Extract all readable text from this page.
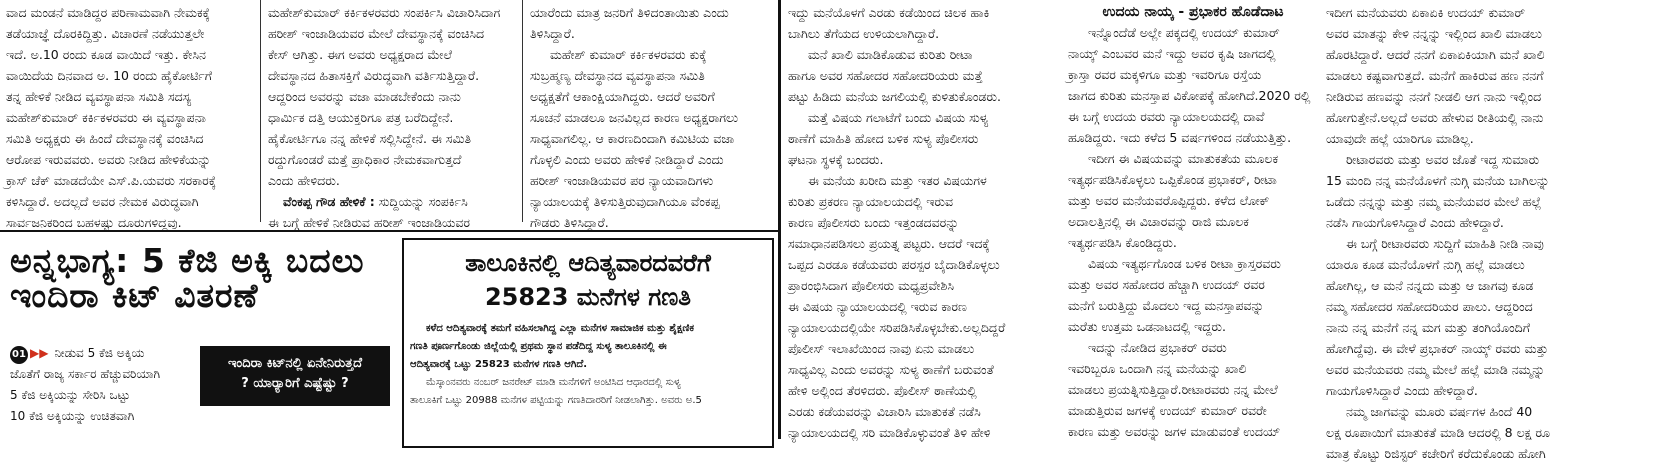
ವಾದ ಮಂಡನೆ ಮಾಡಿದ್ದರ ಪರಿಣಾಮವಾಗಿ ನೇಮಕಕ್ಕೆ

ತಡೆಯಾಜ್ಞೆ ದೊರಕಿದ್ದಿತ್ತು. ವಿಚಾರಣೆ ನಡೆಯುತ್ತಲೇ

ಇದೆ. ಅ.10 ರಂದು ಕೂಡ ವಾಯಿದೆ ಇತ್ತು. ಕೇಸಿನ

ವಾಯಿದೆಯ ದಿನವಾದ ಅ. 10 ರಂದು ಹೈಕೋರ್ಟಿಗೆ

ತನ್ನ ಹೇಳಿಕೆ ನೀಡಿದ ವ್ಯವಸ್ಥಾಪನಾ ಸಮಿತಿ ಸದಸ್ಯ

ಮಹೇಶ್‌ಕುಮಾರ್ ಕರ್ಕಿಕಳರವರು ಈ ವ್ಯವಸ್ಥಾಪನಾ

ಸಮಿತಿ ಅಧ್ಯಕ್ಷರು ಈ ಹಿಂದೆ ದೇವಸ್ಥಾನಕ್ಕೆ ವಂಚಿಸಿದ

ಆರೋಪ ಇರುವವರು. ಅವರು ನೀಡಿದ ಹೇಳಿಕೆಯನ್ನು

ಕ್ರಾಸ್ ಚೆಕ್ ಮಾಡದೆಯೇ ಎಸ್.ಪಿ.ಯವರು ಸರಕಾರಕ್ಕೆ

ಕಳಿಸಿದ್ದಾರೆ. ಅದಲ್ಲದೆ ಅವರ ನೇಮಕ ವಿರುದ್ಧವಾಗಿ

ಸಾರ್ವಜನಿಕರಿಂದ ಬಹಳಷ್ಟು ದೂರುಗಳಿದ್ದವು.

ಮಹೇಶ್‌ಕುಮಾರ್ ಕರ್ಕಿಕಳರವರು ಸಂಪರ್ಕಿಸಿ ವಿಚಾರಿಸಿದಾಗ

ಹರೀಶ್ ಇಂಜಾಡಿಯವರ ಮೇಲೆ ದೇವಸ್ಥಾನಕ್ಕೆ ವಂಚಿಸಿದ

ಕೇಸ್ ಆಗಿತ್ತು. ಈಗ ಅವರು ಅಧ್ಯಕ್ಷರಾದ ಮೇಲೆ

ದೇವಸ್ಥಾನದ ಹಿತಾಸಕ್ತಿಗೆ ವಿರುದ್ಧವಾಗಿ ವರ್ತಿಸುತ್ತಿದ್ದಾರೆ.

ಆದ್ದರಿಂದ ಅವರನ್ನು ವಜಾ ಮಾಡಬೇಕೆಂದು ನಾನು

ಧಾರ್ಮಿಕ ದತ್ತಿ ಆಯುಕ್ತರಿಗೂ ಪತ್ರ ಬರೆದಿದ್ದೇನೆ.

ಹೈಕೋರ್ಟಿಗೂ ನನ್ನ ಹೇಳಿಕೆ ಸಲ್ಲಿಸಿದ್ದೇನೆ. ಈ ಸಮಿತಿ

ರದ್ದುಗೊಂಡರೆ ಮತ್ತೆ ಪ್ರಾಧಿಕಾರ ನೇಮಕವಾಗುತ್ತದೆ

ಎಂದು ಹೇಳಿದರು.

ವೆಂಕಪ್ಪ ಗೌಡ ಹೇಳಿಕೆ : ಸುದ್ದಿಯನ್ನು ಸಂಪರ್ಕಿಸಿ

ಈ ಬಗ್ಗೆ ಹೇಳಿಕೆ ನೀಡಿರುವ ಹರೀಶ್ ಇಂಜಾಡಿಯವರ

ಯಾರೆಂದು ಮಾತ್ರ ಜನರಿಗೆ ತಿಳಿದಂತಾಯಿತು ಎಂದು

ತಿಳಿಸಿದ್ದಾರೆ.

ಮಹೇಶ್ ಕುಮಾರ್ ಕರ್ಕಿಕಳರವರು ಕುಕ್ಕೆ

ಸುಬ್ರಹ್ಮಣ್ಯ ದೇವಸ್ಥಾನದ ವ್ಯವಸ್ಥಾಪನಾ ಸಮಿತಿ

ಅಧ್ಯಕ್ಷತೆಗೆ ಆಕಾಂಕ್ಷಿಯಾಗಿದ್ದರು. ಆದರೆ ಅವರಿಗೆ

ಸೂಚನೆ ಮಾಡಲೂ ಜನವಿಲ್ಲದ ಕಾರಣ ಅಧ್ಯಕ್ಷರಾಗಲು

ಸಾಧ್ಯವಾಗಲಿಲ್ಲ. ಆ ಕಾರಣದಿಂದಾಗಿ ಕಮಿಟಿಯ ವಜಾ

ಗೊಳ್ಳಲಿ ಎಂದು ಅವರು ಹೇಳಿಕೆ ನೀಡಿದ್ದಾರೆ ಎಂದು

ಹರೀಶ್ ಇಂಜಾಡಿಯವರ ಪರ ನ್ಯಾಯವಾದಿಗಳು

ನ್ಯಾಯಾಲಯಕ್ಕೆ ತಿಳಿಸುತ್ತಿರುವುದಾಗಿಯೂ ವೆಂಕಪ್ಪ

ಗೌಡರು ತಿಳಿಸಿದ್ದಾರೆ.

ಇದ್ದು ಮನೆಯೊಳಗೆ ಎರಡು ಕಡೆಯಿಂದ ಚಿಲಕ ಹಾಕಿ

ಬಾಗಿಲು ತೆಗೆಯದ ಉಳಿಯಲಾಗಿದ್ದಾರೆ.

ಮನೆ ಖಾಲಿ ಮಾಡಿಕೊಡುವ ಕುರಿತು ರೀಟಾ

ಹಾಗೂ ಅವರ ಸಹೋದರ ಸಹೋದರಿಯರು ಮತ್ತೆ

ಪಟ್ಟು ಹಿಡಿದು ಮನೆಯ ಜಗಲಿಯಲ್ಲಿ ಕುಳಿತುಕೊಂಡರು.

ಮತ್ತೆ ವಿಷಯ ಗಲಾಟೆಗೆ ಬಂದು ವಿಷಯ ಸುಳ್ಯ

ಠಾಣೆಗೆ ಮಾಹಿತಿ ಹೋದ ಬಳಿಕ ಸುಳ್ಯ ಪೊಲೀಸರು

ಘಟನಾ ಸ್ಥಳಕ್ಕೆ ಬಂದರು.

ಈ ಮನೆಯ ಖರೀದಿ ಮತ್ತು ಇತರ ವಿಷಯಗಳ

ಕುರಿತು ಪ್ರಕರಣ ನ್ಯಾಯಾಲಯದಲ್ಲಿ ಇರುವ

ಕಾರಣ ಪೊಲೀಸರು ಬಂದು ಇತ್ತಂಡದವರನ್ನು

ಸಮಾಧಾನಪಡಿಸಲು ಪ್ರಯತ್ನ ಪಟ್ಟರು. ಆದರೆ ಇದಕ್ಕೆ

ಒಪ್ಪದ ಎರಡೂ ಕಡೆಯವರು ಪರಸ್ಪರ ಬೈದಾಡಿಕೊಳ್ಳಲು

ಪ್ರಾರಂಭಿಸಿದಾಗ ಪೊಲೀಸರು ಮಧ್ಯಪ್ರವೇಶಿಸಿ

ಈ ವಿಷಯ ನ್ಯಾಯಾಲಯದಲ್ಲಿ ಇರುವ ಕಾರಣ

ನ್ಯಾಯಾಲಯದಲ್ಲಿಯೇ ಸರಿಪಡಿಸಿಕೊಳ್ಳಬೇಕು.ಅಲ್ಲದಿದ್ದರೆ

ಪೊಲೀಸ್ ಇಲಾಖೆಯಿಂದ ನಾವು ಏನು ಮಾಡಲು

ಸಾಧ್ಯವಿಲ್ಲ ಎಂದು ಅವರನ್ನು ಸುಳ್ಯ ಠಾಣೆಗೆ ಬರುವಂತೆ

ಹೇಳಿ ಅಲ್ಲಿಂದ ತೆರಳಿದರು. ಪೊಲೀಸ್ ಠಾಣೆಯಲ್ಲಿ

ಎರಡು ಕಡೆಯವರನ್ನು ವಿಚಾರಿಸಿ ಮಾತುಕತೆ ನಡೆಸಿ

ನ್ಯಾಯಾಲಯದಲ್ಲಿ ಸರಿ ಮಾಡಿಕೊಳ್ಳುವಂತೆ ತಿಳಿ ಹೇಳಿ

ಉದಯ ನಾಯ್ಕ - ಪ್ರಭಾಕರ ಹೊಡೆದಾಟ

ಇನ್ನೊಂದೆಡೆ ಅಲ್ಲೇ ಪಕ್ಕದಲ್ಲಿ ಉದಯ್ ಕುಮಾರ್

ನಾಯ್ಕ್ ಎಂಬವರ ಮನೆ ಇದ್ದು ಅವರ ಕೃಷಿ ಜಾಗದಲ್ಲಿ

ಕ್ರಾಸ್ತಾ ರವರ ಮಕ್ಕಳಿಗೂ ಮತ್ತು ಇವರಿಗೂ ರಸ್ತೆಯ

ಜಾಗದ ಕುರಿತು ಮನಸ್ತಾಪ ವಿಕೋಪಕ್ಕೆ ಹೋಗಿದೆ.2020 ರಲ್ಲಿ

ಈ ಬಗ್ಗೆ ಉದಯ ರವರು ನ್ಯಾಯಾಲಯದಲ್ಲಿ ದಾವೆ

ಹೂಡಿದ್ದರು. ಇದು ಕಳೆದ 5 ವರ್ಷಗಳಿಂದ ನಡೆಯುತ್ತಿತ್ತು.

ಇದೀಗ ಈ ವಿಷಯವನ್ನು ಮಾತುಕತೆಯ ಮೂಲಕ

ಇತ್ಯರ್ಥಪಡಿಸಿಕೊಳ್ಳಲು ಒಪ್ಪಿಕೊಂಡ ಪ್ರಭಾಕರ್, ರೀಟಾ

ಮತ್ತು ಅವರ ಮನೆಯವರೊಪ್ಪಿದ್ದರು. ಕಳೆದ ಲೋಕ್

ಅದಾಲತ್ತಿನಲ್ಲಿ ಈ ವಿಚಾರವನ್ನು ರಾಜಿ ಮೂಲಕ

ಇತ್ಯರ್ಥಪಡಿಸಿ ಕೊಂಡಿದ್ದರು.

ವಿಷಯ ಇತ್ಯರ್ಥಗೊಂಡ ಬಳಿಕ ರೀಟಾ ಕ್ರಾಸ್ತರವರು

ಮತ್ತು ಅವರ ಸಹೋದರ ಹೆಚ್ಚಾಗಿ ಉದಯ್ ರವರ

ಮನೆಗೆ ಬರುತ್ತಿದ್ದು ಮೊದಲು ಇದ್ದ ಮನಸ್ತಾಪವನ್ನು

ಮರೆತು ಉತ್ತಮ ಒಡನಾಟದಲ್ಲಿ ಇದ್ದರು.

ಇದನ್ನು ನೋಡಿದ ಪ್ರಭಾಕರ್ ರವರು

ಇವರಿಬ್ಬರೂ ಒಂದಾಗಿ ನನ್ನ ಮನೆಯನ್ನು ಖಾಲಿ

ಮಾಡಲು ಪ್ರಯತ್ನಿಸುತ್ತಿದ್ದಾರೆ.ರೀಟಾರವರು ನನ್ನ ಮೇಲೆ

ಮಾಡುತ್ತಿರುವ ಜಗಳಕ್ಕೆ ಉದಯ್ ಕುಮಾರ್ ರವರೇ

ಕಾರಣ ಮತ್ತು ಅವರನ್ನು ಜಗಳ ಮಾಡುವಂತೆ ಉದಯ್

ಇದೀಗ ಮನೆಯವರು ಏಕಾಏಕಿ ಉದಯ್ ಕುಮಾರ್

ಅವರ ಮಾತನ್ನು ಕೇಳಿ ನನ್ನನ್ನು ಇಲ್ಲಿಂದ ಖಾಲಿ ಮಾಡಲು

ಹೊರಟಿದ್ದಾರೆ. ಆದರೆ ನನಗೆ ಏಕಾಏಕಿಯಾಗಿ ಮನೆ ಖಾಲಿ

ಮಾಡಲು ಕಷ್ಟವಾಗುತ್ತದೆ. ಮನೆಗೆ ಹಾಕಿರುವ ಹಣ ನನಗೆ

ನೀಡಿರುವ ಹಣವನ್ನು ನನಗೆ ನೀಡಲಿ ಆಗ ನಾನು ಇಲ್ಲಿಂದ

ಹೋಗುತ್ತೇನೆ.ಅಲ್ಲದೆ ಅವರು ಹೇಳುವ ರೀತಿಯಲ್ಲಿ ನಾನು

ಯಾವುದೇ ಹಲ್ಲೆ ಯಾರಿಗೂ ಮಾಡಿಲ್ಲ.

ರೀಟಾರವರು ಮತ್ತು ಅವರ ಜೊತೆ ಇದ್ದ ಸುಮಾರು

15 ಮಂದಿ ನನ್ನ ಮನೆಯೊಳಗೆ ನುಗ್ಗಿ ಮನೆಯ ಬಾಗಿಲನ್ನು

ಒಡೆದು ನನ್ನನ್ನು ಮತ್ತು ನಮ್ಮ ಮನೆಯವರ ಮೇಲೆ ಹಲ್ಲೆ

ನಡೆಸಿ ಗಾಯಗೊಳಿಸಿದ್ದಾರೆ ಎಂದು ಹೇಳಿದ್ದಾರೆ.

ಈ ಬಗ್ಗೆ ರೀಟಾರವರು ಸುದ್ದಿಗೆ ಮಾಹಿತಿ ನೀಡಿ ನಾವು

ಯಾರೂ ಕೂಡ ಮನೆಯೊಳಗೆ ನುಗ್ಗಿ ಹಲ್ಲೆ ಮಾಡಲು

ಹೋಗಿಲ್ಲ, ಆ ಮನೆ ನನ್ನದು ಮತ್ತು ಆ ಜಾಗವು ಕೂಡ

ನಮ್ಮ ಸಹೋದರ ಸಹೋದರಿಯರ ಪಾಲು. ಆದ್ದರಿಂದ

ನಾನು ನನ್ನ ಮನೆಗೆ ನನ್ನ ಮಗ ಮತ್ತು ತಂಗಿಯೊಂದಿಗೆ

ಹೋಗಿದ್ದೆವು. ಈ ವೇಳೆ ಪ್ರಭಾಕರ್ ನಾಯ್ಕ್ ರವರು ಮತ್ತು

ಅವರ ಮನೆಯವರು ನಮ್ಮ ಮೇಲೆ ಹಲ್ಲೆ ಮಾಡಿ ನಮ್ಮನ್ನು

ಗಾಯಗೊಳಿಸಿದ್ದಾರೆ ಎಂದು ಹೇಳಿದ್ದಾರೆ.

ನಮ್ಮ ಜಾಗವನ್ನು ಮೂರು ವರ್ಷಗಳ ಹಿಂದೆ 40

ಲಕ್ಷ ರೂಪಾಯಿಗೆ ಮಾತುಕತೆ ಮಾಡಿ ಆದರಲ್ಲಿ 8 ಲಕ್ಷ ರೂ

ಮಾತ್ರ ಕೊಟ್ಟು ರಿಜಿಸ್ಟರ್ ಕಚೇರಿಗೆ ಕರೆದುಕೊಂಡು ಹೋಗಿ

ಅನ್ನಭಾಗ್ಯ: 5 ಕೆಜಿ ಅಕ್ಕಿ ಬದಲು
ಇಂದಿರಾ ಕಿಟ್ ವಿತರಣೆ

01 ▶▶ ನೀಡುವ 5 ಕೆಜಿ ಅಕ್ಕಿಯ

ಜೊತೆಗೆ ರಾಜ್ಯ ಸರ್ಕಾರ ಹೆಚ್ಚುವರಿಯಾಗಿ

5 ಕೆಜಿ ಅಕ್ಕಿಯನ್ನು ಸೇರಿಸಿ ಒಟ್ಟು

10 ಕೆಜಿ ಅಕ್ಕಿಯನ್ನು ಉಚಿತವಾಗಿ

ಇಂದಿರಾ ಕಿಟ್‌ನಲ್ಲಿ ಏನೇನಿರುತ್ತದೆ
? ಯಾರ್‍ಯಾರಿಗೆ ಎಷ್ಟೆಷ್ಟು ?
ತಾಲೂಕಿನಲ್ಲಿ ಆದಿತ್ಯವಾರದವರೆಗೆ
25823 ಮನೆಗಳ ಗಣತಿ

ಕಳೆದ ಆದಿತ್ಯವಾರಕ್ಕೆ ತಮಗೆ ವಹಿಸಲಾಗಿದ್ದ ಎಲ್ಲಾ ಮನೆಗಳ ಸಾಮಾಜಿಕ ಮತ್ತು ಶೈಕ್ಷಣಿಕ

ಗಣತಿ ಪೂರ್ಣಗೊಂಡು ಜಿಲ್ಲೆಯಲ್ಲಿ ಪ್ರಥಮ ಸ್ಥಾನ ಪಡೆದಿದ್ದ ಸುಳ್ಯ ತಾಲೂಕಿನಲ್ಲಿ ಈ

ಆದಿತ್ಯವಾರಕ್ಕೆ ಒಟ್ಟು 25823 ಮನೆಗಳ ಗಣತಿ ಆಗಿದೆ.

ಮೆಸ್ಕಾಂನವರು ನಂಬರ್ ಜನರೇಟ್ ಮಾಡಿ ಮನೆಗಳಿಗೆ ಅಂಟಿಸಿದ ಆಧಾರದಲ್ಲಿ ಸುಳ್ಯ

ತಾಲೂಕಿಗೆ ಒಟ್ಟು 20988 ಮನೆಗಳ ಪಟ್ಟಿಯನ್ನು ಗಣತಿದಾರರಿಗೆ ನೀಡಲಾಗಿತ್ತು. ಅವರು ಅ.5
